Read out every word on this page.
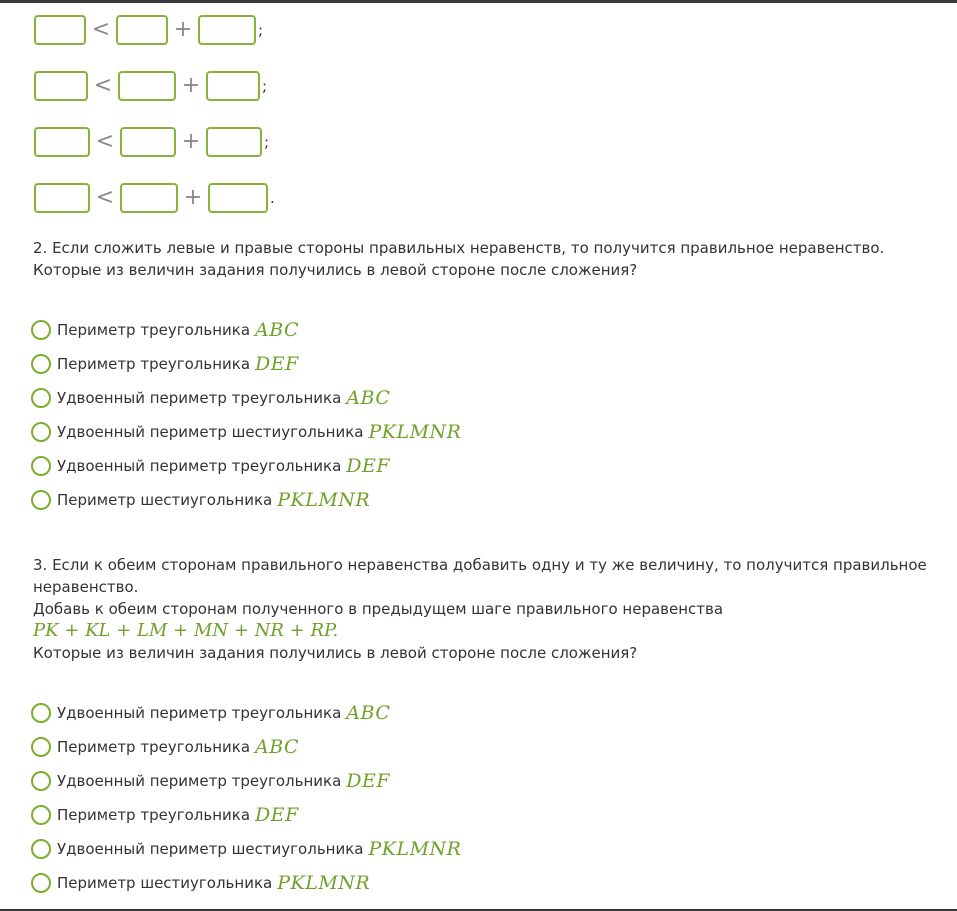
<	+	;
<	+	;
<	+	;
<	+	.
2. Если сложить левые и правые стороны правильных неравенств, то получится правильное неравенство.
Которые из величин задания получились в левой стороне после сложения?
Периметр треугольника ABC
Периметр треугольника DEF
Удвоенный периметр треугольника ABC
Удвоенный периметр шестиугольника PKLMNR
Удвоенный периметр треугольника DEF
Периметр шестиугольника PKLMNR
3. Если к обеим сторонам правильного неравенства добавить одну и ту же величину, то получится правильное
неравенство.
Добавь к обеим сторонам полученного в предыдущем шаге правильного неравенства
PK + KL + LM + MN + NR + RP.
Которые из величин задания получились в левой стороне после сложения?
Удвоенный периметр треугольника ABC
Периметр треугольника ABC
Удвоенный периметр треугольника DEF
Периметр треугольника DEF
Удвоенный периметр шестиугольника PKLMNR
Периметр шестиугольника PKLMNR
